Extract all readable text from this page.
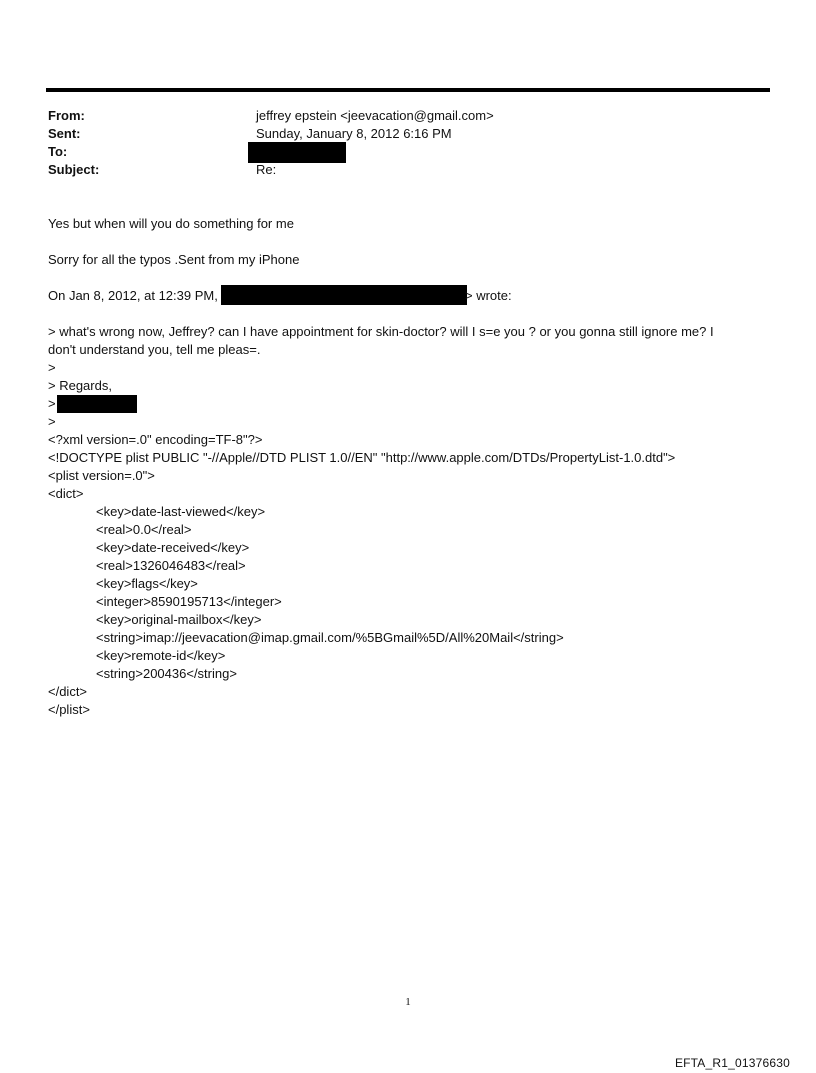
From:	jeffrey epstein <jeevacation@gmail.com>
Sent:	Sunday, January 8, 2012 6:16 PM
To:
Subject:	Re:
Yes but when will you do something for me
Sorry for all the typos .Sent from my iPhone
On Jan 8, 2012, at 12:39 PM,	> wrote:
> what's wrong now, Jeffrey? can I have appointment for skin-doctor? will I s=e you ? or you gonna still ignore me? I
don't understand you, tell me pleas=.
>
> Regards,
>
>
<?xml version=.0" encoding=TF-8"?>
<!DOCTYPE plist PUBLIC "-//Apple//DTD PLIST 1.0//EN" "http://www.apple.com/DTDs/PropertyList-1.0.dtd">
<plist version=.0">
<dict>
<key>date-last-viewed</key>
<real>0.0</real>
<key>date-received</key>
<real>1326046483</real>
<key>flags</key>
<integer>8590195713</integer>
<key>original-mailbox</key>
<string>imap://jeevacation@imap.gmail.com/%5BGmail%5D/All%20Mail</string>
<key>remote-id</key>
<string>200436</string>
</dict>
</plist>
1
EFTA_R1_01376630
